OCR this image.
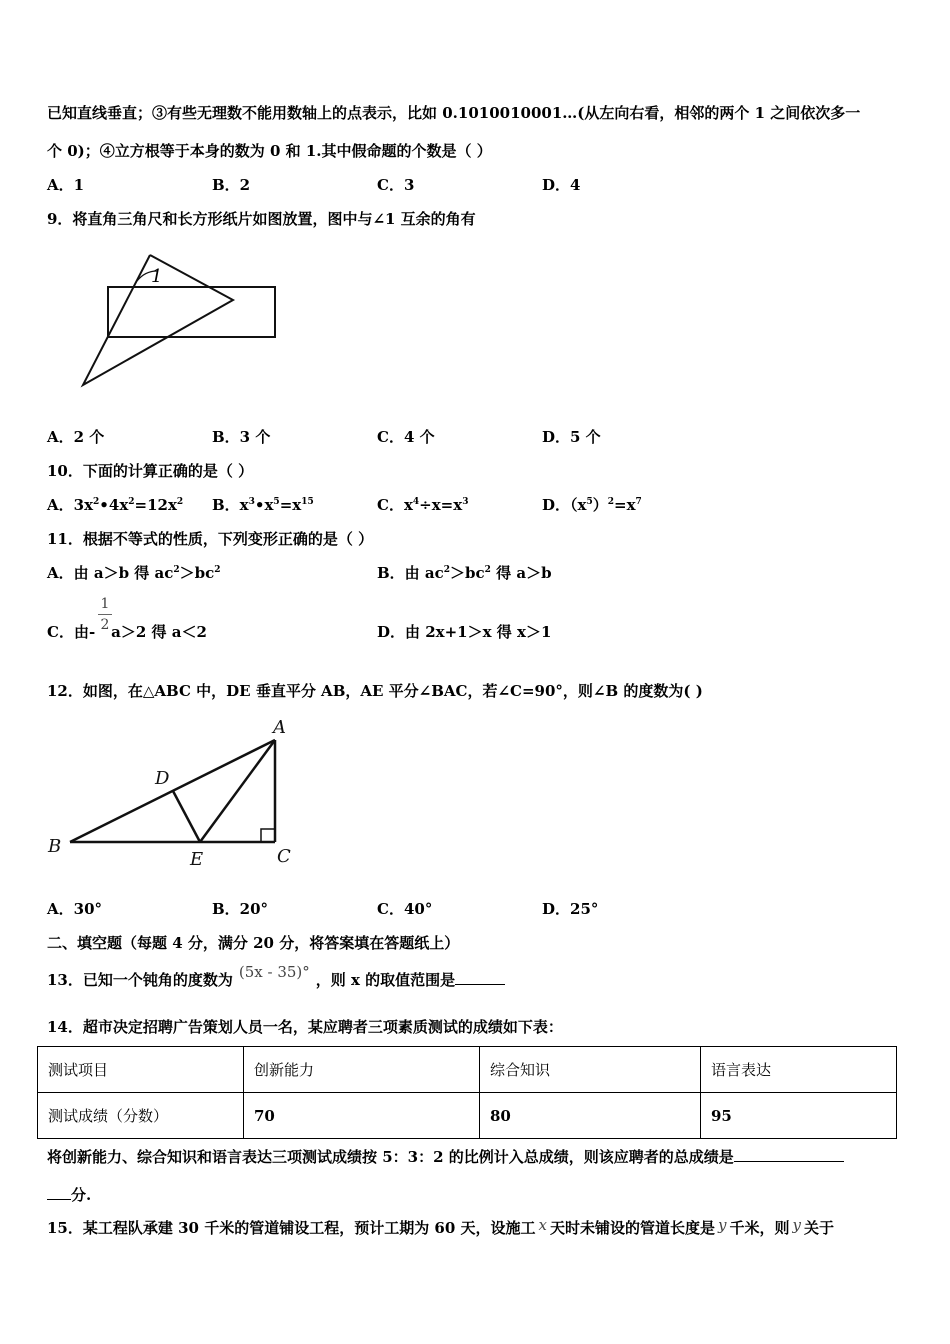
已知直线垂直；③有些无理数不能用数轴上的点表示，比如 0.1010010001…(从左向右看，相邻的两个 1 之间依次多一
个 0)；④立方根等于本身的数为 0 和 1.其中假命题的个数是（ ）
A．1	B．2	C．3	D．4
9．将直角三角尺和长方形纸片如图放置，图中与∠1 互余的角有
1
A．2 个	B．3 个	C．4 个	D．5 个
10．下面的计算正确的是（ ）
A．$3x^2•4x^2=12x^2$ B．$x^3•x^5=x^{15}$	C．$x^4\div x=x^3$	D．$(x^5)^2=x^7$
11．根据不等式的性质，下列变形正确的是（ ）
A．由 a＞b 得 $ac^2>bc^2$	B．由 $ac^2>bc^2$ 得 a＞b
C．由- a＞2 得 a＜2
1
2	D．由 2x+1＞x 得 x＞1
12．如图，在△ABC 中，DE 垂直平分 AB，AE 平分∠BAC，若∠C=90°，则∠B 的度数为( )
A
B	C
D
E
A．30°	B．20°	C．40°	D．25°
二、填空题（每题 4 分，满分 20 分，将答案填在答题纸上）
13．已知一个钝角的度数为 (5x - 35)° ，则 x 的取值范围是
14．超市决定招聘广告策划人员一名，某应聘者三项素质测试的成绩如下表：
测试项目	创新能力	综合知识	语言表达
测试成绩（分数）	70	80	95
将创新能力、综合知识和语言表达三项测试成绩按 5：3：2 的比例计入总成绩，则该应聘者的总成绩是
分.
15．某工程队承建 30 千米的管道铺设工程，预计工期为 60 天，设施工 x 天时未铺设的管道长度是 y 千米，则 y 关于
